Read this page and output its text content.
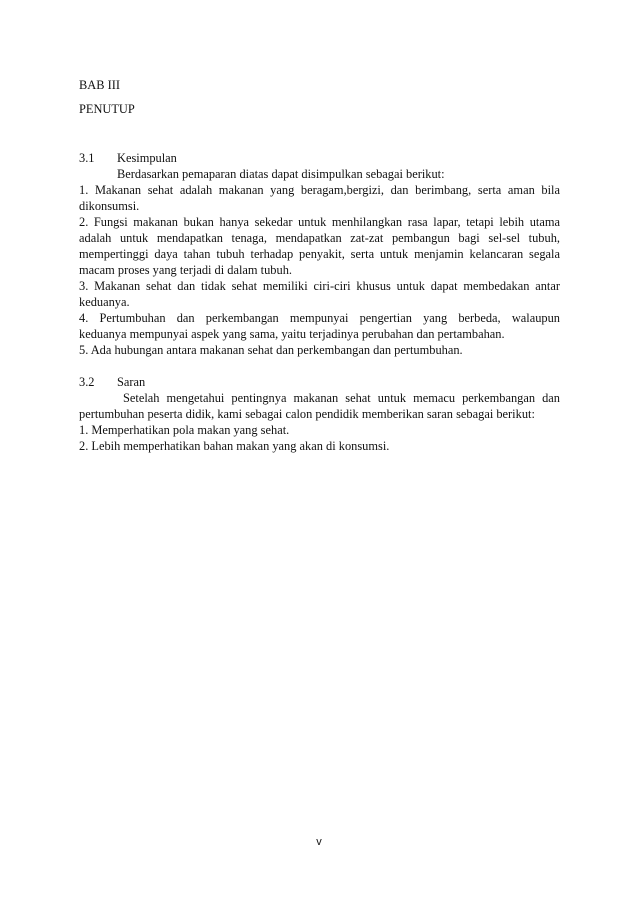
BAB III
PENUTUP
3.1 Kesimpulan
Berdasarkan pemaparan diatas dapat disimpulkan sebagai berikut:
1. Makanan sehat adalah makanan yang beragam,bergizi, dan berimbang, serta aman bila
dikonsumsi.
2. Fungsi makanan bukan hanya sekedar untuk menhilangkan rasa lapar, tetapi lebih utama
adalah untuk mendapatkan tenaga, mendapatkan zat-zat pembangun bagi sel-sel tubuh,
mempertinggi daya tahan tubuh terhadap penyakit, serta untuk menjamin kelancaran segala
macam proses yang terjadi di dalam tubuh.
3. Makanan sehat dan tidak sehat memiliki ciri-ciri khusus untuk dapat membedakan antar
keduanya.
4. Pertumbuhan dan perkembangan mempunyai pengertian yang berbeda, walaupun
keduanya mempunyai aspek yang sama, yaitu terjadinya perubahan dan pertambahan.
5. Ada hubungan antara makanan sehat dan perkembangan dan pertumbuhan.
3.2 Saran
Setelah mengetahui pentingnya makanan sehat untuk memacu perkembangan dan
pertumbuhan peserta didik, kami sebagai calon pendidik memberikan saran sebagai berikut:
1. Memperhatikan pola makan yang sehat.
2. Lebih memperhatikan bahan makan yang akan di konsumsi.
v
